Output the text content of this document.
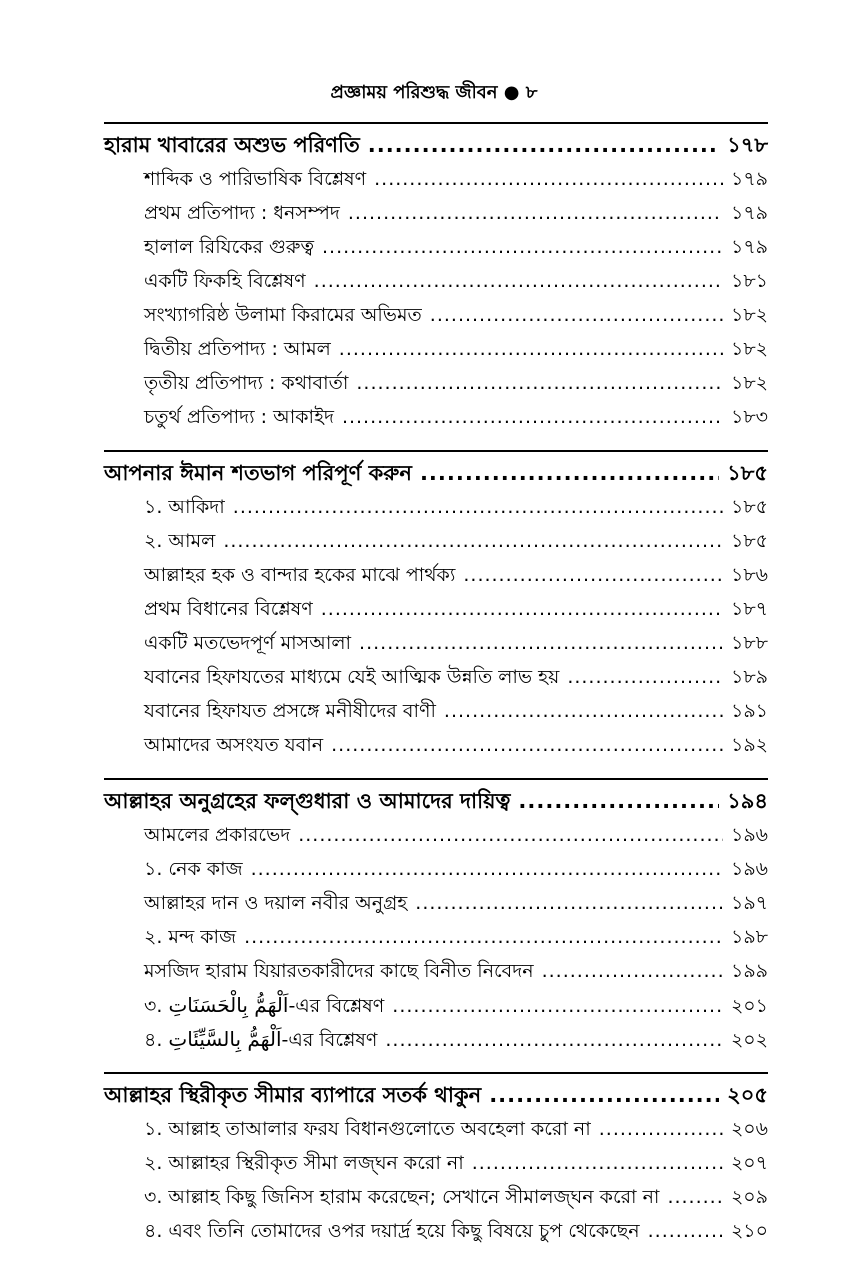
প্রজ্ঞাময় পরিশুদ্ধ জীবন ● ৮
হারাম খাবারের অশুভ পরিণতি .....	১৭৮
শাব্দিক ও পারিভাষিক বিশ্লেষণ .....	১৭৯
প্রথম প্রতিপাদ্য : ধনসম্পদ .....	১৭৯
হালাল রিযিকের গুরুত্ব .....	১৭৯
একটি ফিকহি বিশ্লেষণ .....	১৮১
সংখ্যাগরিষ্ঠ উলামা কিরামের অভিমত .....	১৮২
দ্বিতীয় প্রতিপাদ্য : আমল .....	১৮২
তৃতীয় প্রতিপাদ্য : কথাবার্তা .....	১৮২
চতুর্থ প্রতিপাদ্য : আকাইদ .....	১৮৩
আপনার ঈমান শতভাগ পরিপূর্ণ করুন .....	১৮৫
১. আকিদা .....	১৮৫
২. আমল .....	১৮৫
আল্লাহর হক ও বান্দার হকের মাঝে পার্থক্য .....	১৮৬
প্রথম বিধানের বিশ্লেষণ .....	১৮৭
একটি মতভেদপূর্ণ মাসআলা .....	১৮৮
যবানের হিফাযতের মাধ্যমে যেই আত্মিক উন্নতি লাভ হয় .....	১৮৯
যবানের হিফাযত প্রসঙ্গে মনীষীদের বাণী .....	১৯১
আমাদের অসংযত যবান .....	১৯২
আল্লাহর অনুগ্রহের ফল্গুধারা ও আমাদের দায়িত্ব .....	১৯৪
আমলের প্রকারভেদ .....	১৯৬
১. নেক কাজ .....	১৯৬
আল্লাহর দান ও দয়াল নবীর অনুগ্রহ .....	১৯৭
২. মন্দ কাজ .....	১৯৮
মসজিদ হারাম যিয়ারতকারীদের কাছে বিনীত নিবেদন .....	১৯৯
৩. اَلْهَمُّ بِالْحَسَنَاتِ-এর বিশ্লেষণ .....	২০১
৪. اَلْهَمُّ بِالسَّيِّئَاتِ-এর বিশ্লেষণ .....	২০২
আল্লাহর স্থিরীকৃত সীমার ব্যাপারে সতর্ক থাকুন .....	২০৫
১. আল্লাহ তাআলার ফরয বিধানগুলোতে অবহেলা করো না .....	২০৬
২. আল্লাহর স্থিরীকৃত সীমা লজ্ঘন করো না .....	২০৭
৩. আল্লাহ কিছু জিনিস হারাম করেছেন; সেখানে সীমালজ্ঘন করো না .....	২০৯
৪. এবং তিনি তোমাদের ওপর দয়ার্দ্র হয়ে কিছু বিষয়ে চুপ থেকেছেন .....	২১০
